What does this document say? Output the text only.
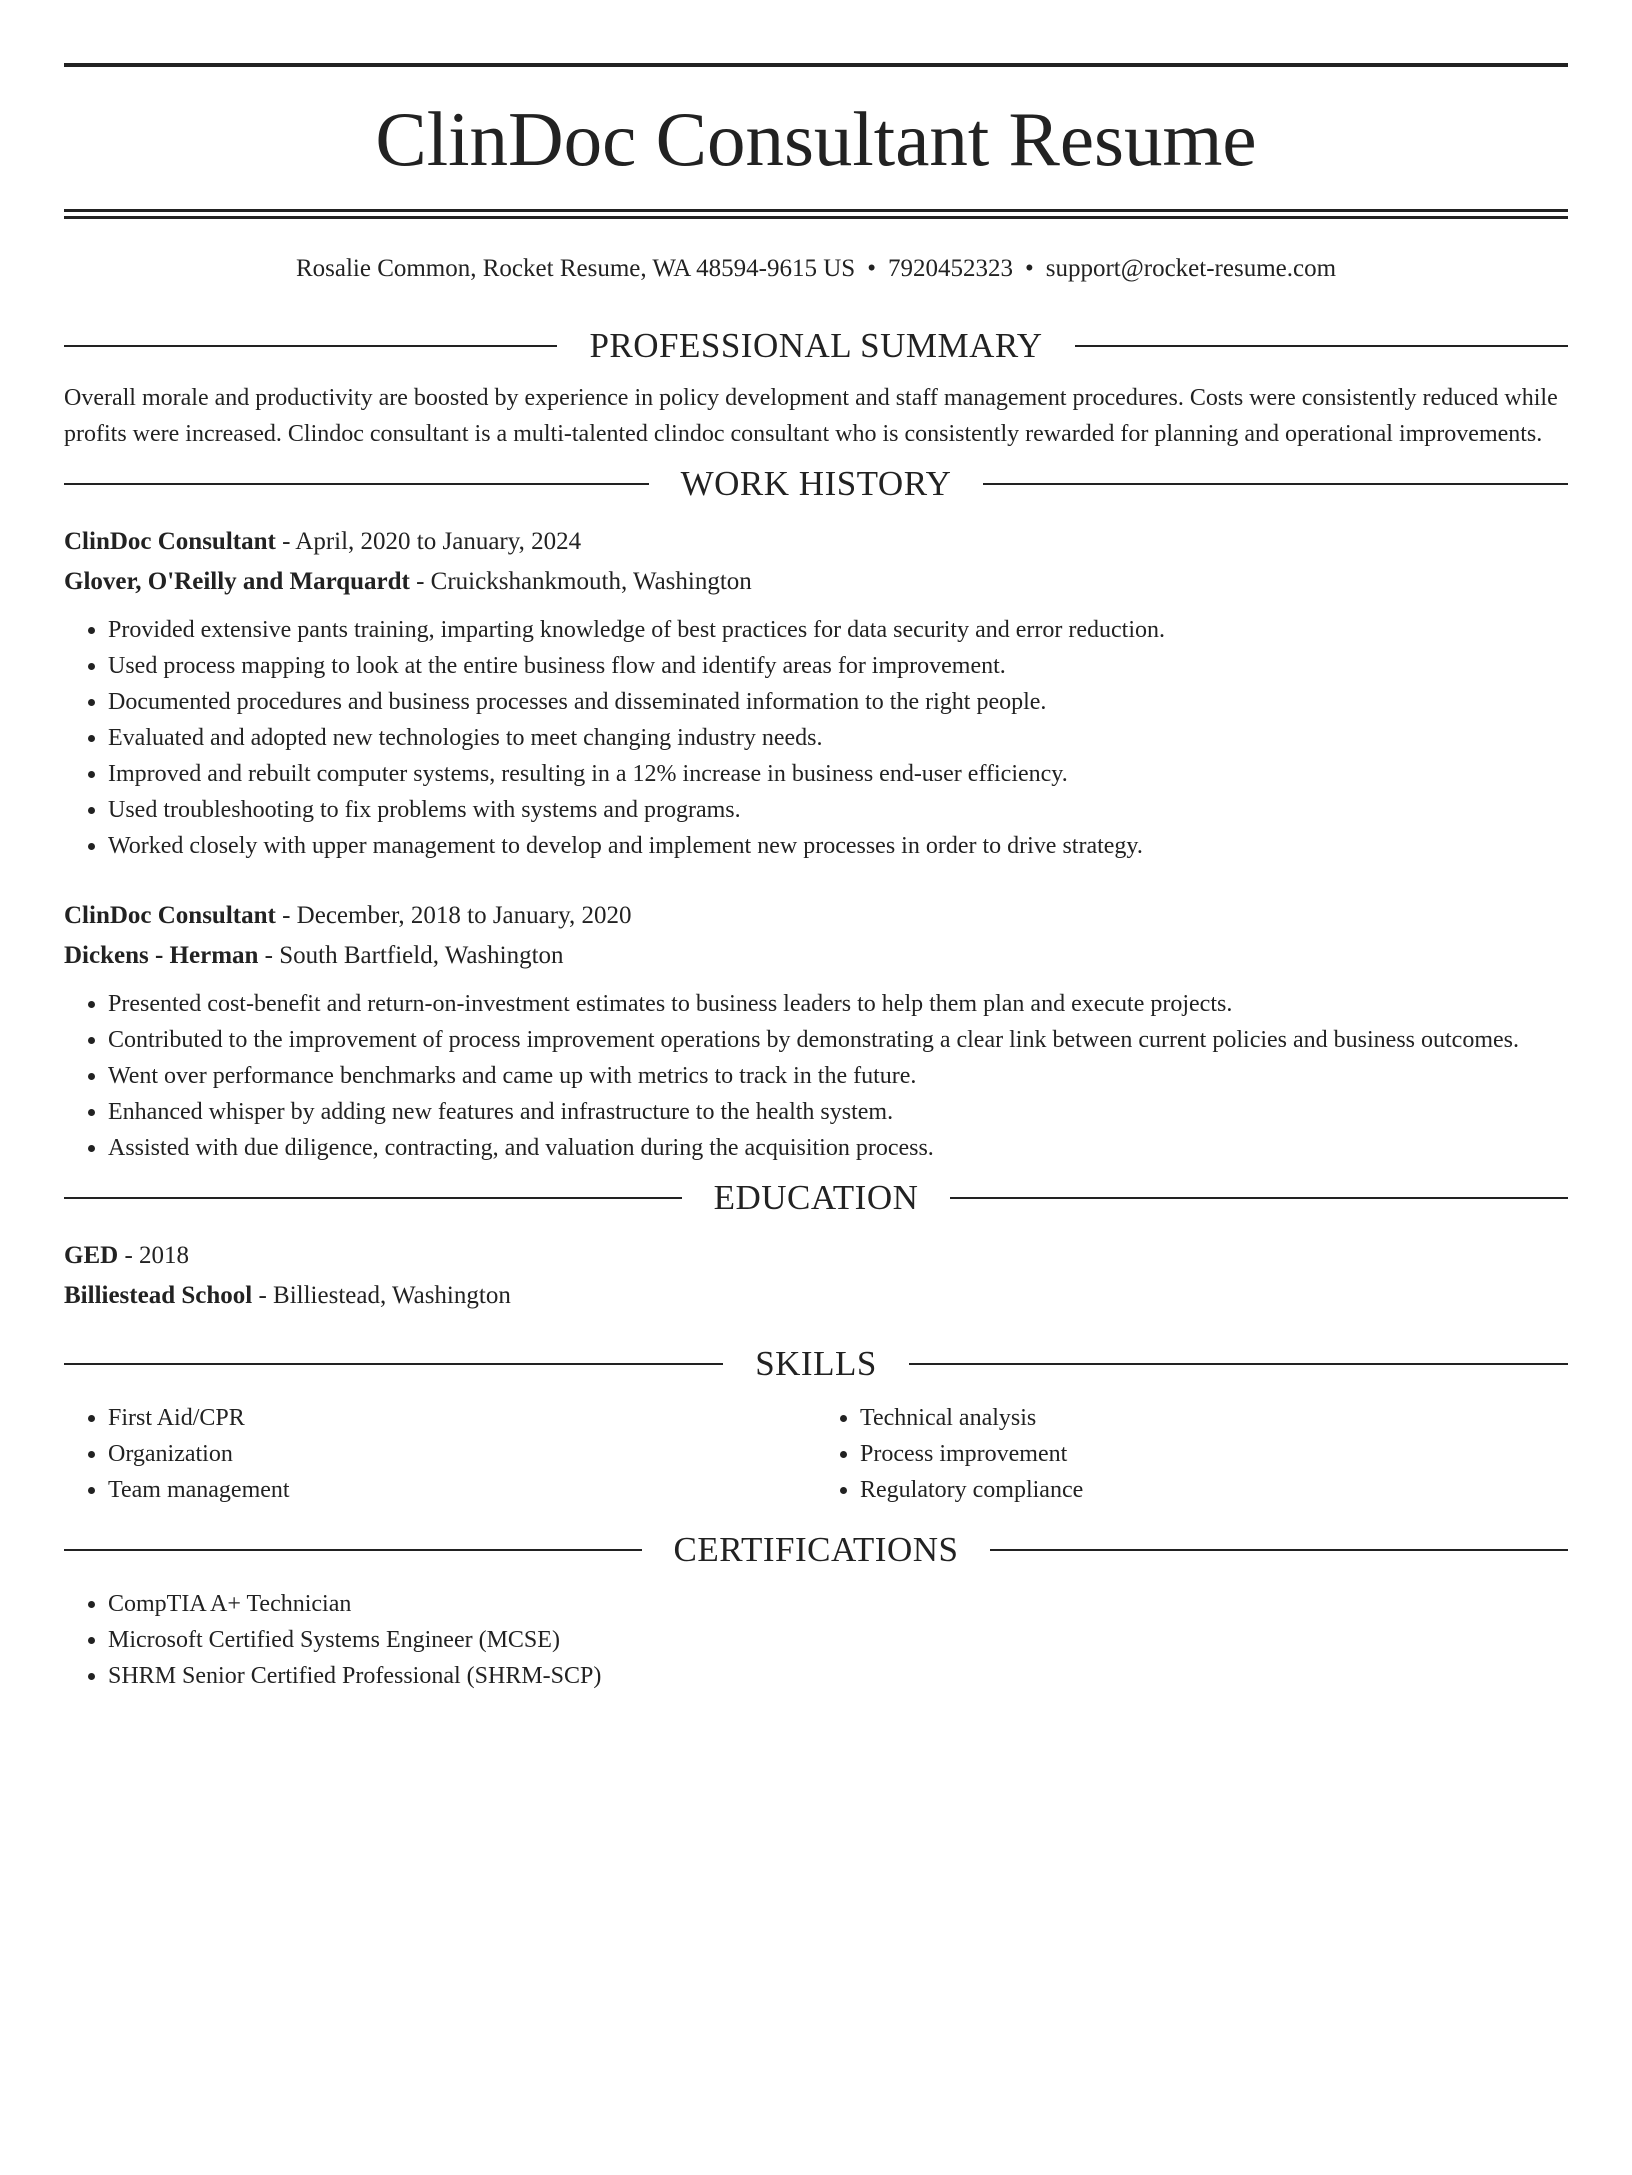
ClinDoc Consultant Resume
Rosalie Common, Rocket Resume, WA 48594-9615 US • 7920452323 • support@rocket-resume.com
PROFESSIONAL SUMMARY

Overall morale and productivity are boosted by experience in policy development and staff management procedures. Costs were consistently reduced while profits were increased. Clindoc consultant is a multi-talented clindoc consultant who is consistently rewarded for planning and operational improvements.

WORK HISTORY
ClinDoc Consultant - April, 2020 to January, 2024
Glover, O'Reilly and Marquardt - Cruickshankmouth, Washington
• Provided extensive pants training, imparting knowledge of best practices for data security and error reduction.
• Used process mapping to look at the entire business flow and identify areas for improvement.
• Documented procedures and business processes and disseminated information to the right people.
• Evaluated and adopted new technologies to meet changing industry needs.
• Improved and rebuilt computer systems, resulting in a 12% increase in business end-user efficiency.
• Used troubleshooting to fix problems with systems and programs.
• Worked closely with upper management to develop and implement new processes in order to drive strategy.
ClinDoc Consultant - December, 2018 to January, 2020
Dickens - Herman - South Bartfield, Washington
• Presented cost-benefit and return-on-investment estimates to business leaders to help them plan and execute projects.
• Contributed to the improvement of process improvement operations by demonstrating a clear link between current policies and business outcomes.
• Went over performance benchmarks and came up with metrics to track in the future.
• Enhanced whisper by adding new features and infrastructure to the health system.
• Assisted with due diligence, contracting, and valuation during the acquisition process.
EDUCATION
GED - 2018
Billiestead School - Billiestead, Washington
SKILLS
• First Aid/CPR
• Organization
• Team management
• Technical analysis
• Process improvement
• Regulatory compliance
CERTIFICATIONS
• CompTIA A+ Technician
• Microsoft Certified Systems Engineer (MCSE)
• SHRM Senior Certified Professional (SHRM-SCP)
